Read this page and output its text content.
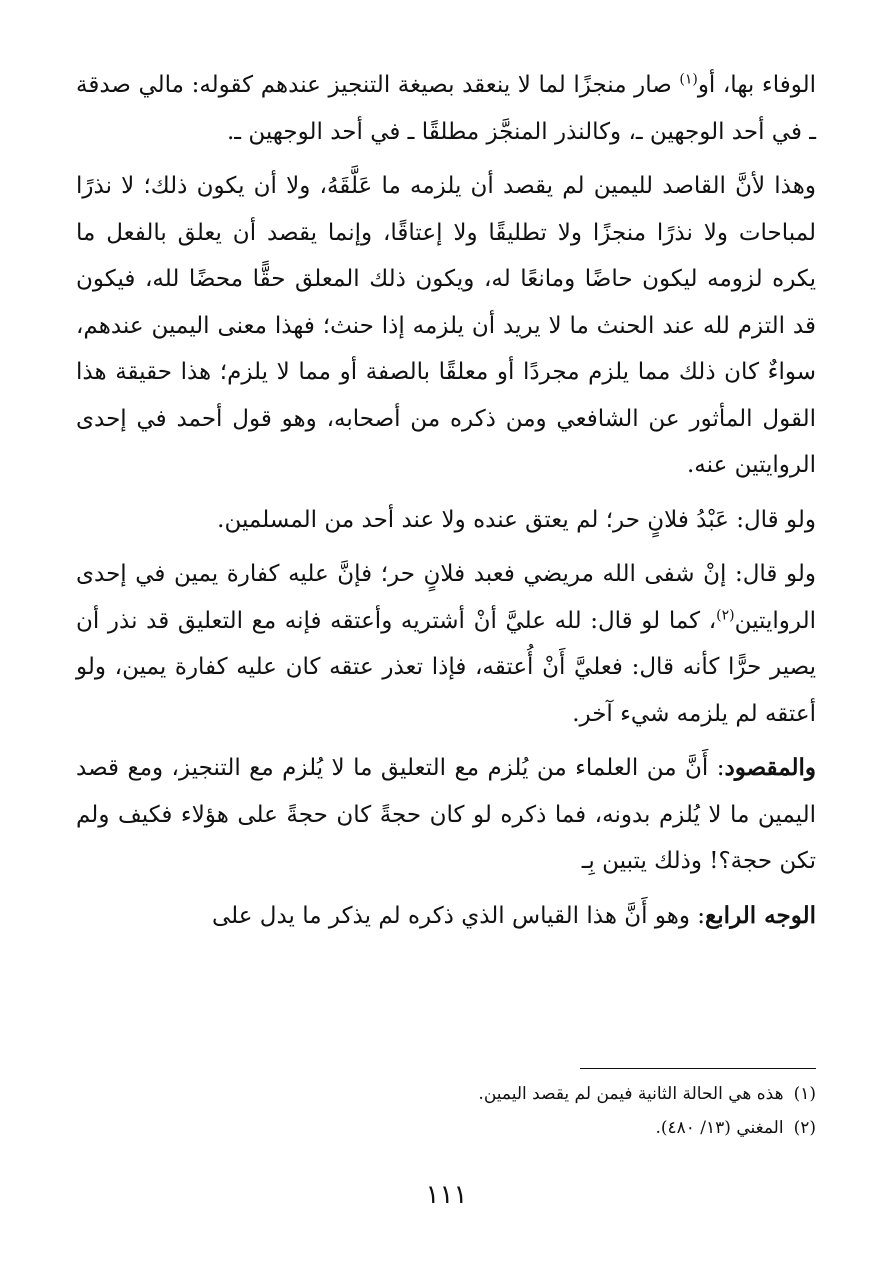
الوفاء بها، أو$^{(١)}$ صار منجزًا لما لا ينعقد بصيغة التنجيز عندهم كقوله: مالي صدقة ـ في أحد الوجهين ـ، وكالنذر المنجَّز مطلقًا ـ في أحد الوجهين ـ.

وهذا لأنَّ القاصد لليمين لم يقصد أن يلزمه ما عَلَّقَهُ، ولا أن يكون ذلك؛ لا نذرًا لمباحات ولا نذرًا منجزًا ولا تطليقًا ولا إعتاقًا، وإنما يقصد أن يعلق بالفعل ما يكره لزومه ليكون حاضًا ومانعًا له، ويكون ذلك المعلق حقًّا محضًا لله، فيكون قد التزم لله عند الحنث ما لا يريد أن يلزمه إذا حنث؛ فهذا معنى اليمين عندهم، سواءٌ كان ذلك مما يلزم مجردًا أو معلقًا بالصفة أو مما لا يلزم؛ هذا حقيقة هذا القول المأثور عن الشافعي ومن ذكره من أصحابه، وهو قول أحمد في إحدى الروايتين عنه.

ولو قال: عَبْدُ فلانٍ حر؛ لم يعتق عنده ولا عند أحد من المسلمين.

ولو قال: إنْ شفى الله مريضي فعبد فلانٍ حر؛ فإنَّ عليه كفارة يمين في إحدى الروايتين$^{(٢)}$، كما لو قال: لله عليَّ أنْ أشتريه وأعتقه فإنه مع التعليق قد نذر أن يصير حرًّا كأنه قال: فعليَّ أَنْ أُعتقه، فإذا تعذر عتقه كان عليه كفارة يمين، ولو أعتقه لم يلزمه شيء آخر.

والمقصود: أَنَّ من العلماء من يُلزم مع التعليق ما لا يُلزم مع التنجيز، ومع قصد اليمين ما لا يُلزم بدونه، فما ذكره لو كان حجةً كان حجةً على هؤلاء فكيف ولم تكن حجة؟! وذلك يتبين بِـ

الوجه الرابع: وهو أَنَّ هذا القياس الذي ذكره لم يذكر ما يدل على

(١)هذه هي الحالة الثانية فيمن لم يقصد اليمين.

(٢)المغني (١٣/ ٤٨٠).

١١١
